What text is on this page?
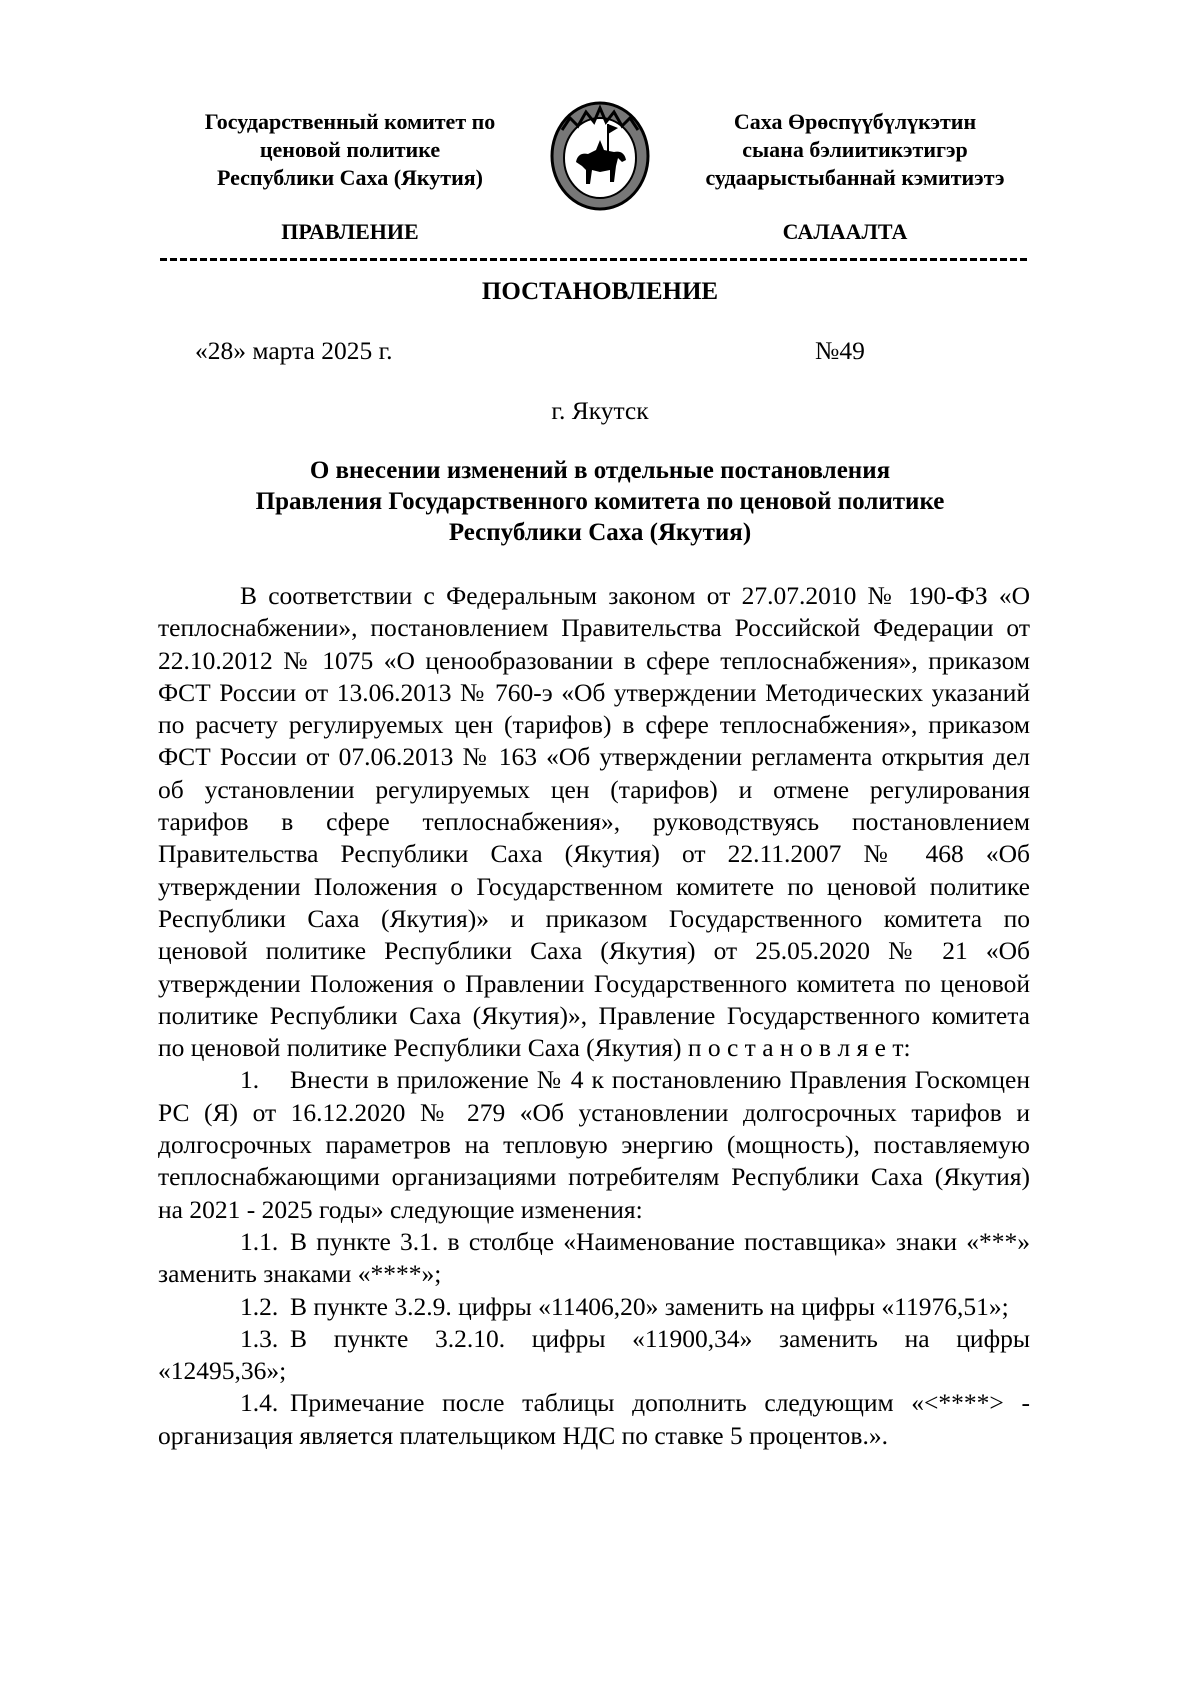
Государственный комитет по
ценовой политике
Республики Саха (Якутия)
Саха Өрөспүүбүлүкэтин
сыана бэлиитикэтигэр
судаарыстыбаннай кэмитиэтэ
ПРАВЛЕНИЕ	САЛААЛТА
ПОСТАНОВЛЕНИЕ
«28» марта 2025 г.	№49
г. Якутск
О внесении изменений в отдельные постановления
Правления Государственного комитета по ценовой политике
Республики Саха (Якутия)
В соответствии с Федеральным законом от 27.07.2010 № 190-ФЗ «О
теплоснабжении», постановлением Правительства Российской Федерации от
22.10.2012 № 1075 «О ценообразовании в сфере теплоснабжения», приказом
ФСТ России от 13.06.2013 № 760-э «Об утверждении Методических указаний
по расчету регулируемых цен (тарифов) в сфере теплоснабжения», приказом
ФСТ России от 07.06.2013 № 163 «Об утверждении регламента открытия дел
об установлении регулируемых цен (тарифов) и отмене регулирования
тарифов в сфере теплоснабжения», руководствуясь постановлением
Правительства Республики Саха (Якутия) от 22.11.2007 № 468 «Об
утверждении Положения о Государственном комитете по ценовой политике
Республики Саха (Якутия)» и приказом Государственного комитета по
ценовой политике Республики Саха (Якутия) от 25.05.2020 № 21 «Об
утверждении Положения о Правлении Государственного комитета по ценовой
политике Республики Саха (Якутия)», Правление Государственного комитета
по ценовой политике Республики Саха (Якутия) п о с т а н о в л я е т:
1.	Внести в приложение № 4 к постановлению Правления Госкомцен
РС (Я) от 16.12.2020 № 279 «Об установлении долгосрочных тарифов и
долгосрочных параметров на тепловую энергию (мощность), поставляемую
теплоснабжающими организациями потребителям Республики Саха (Якутия)
на 2021 - 2025 годы» следующие изменения:
1.1. В пункте 3.1. в столбце «Наименование поставщика» знаки «***»
заменить знаками «****»;
1.2. В пункте 3.2.9. цифры «11406,20» заменить на цифры «11976,51»;
1.3. В пункте 3.2.10. цифры «11900,34» заменить на цифры
«12495,36»;
1.4. Примечание после таблицы дополнить следующим «<****> -
организация является плательщиком НДС по ставке 5 процентов.».
